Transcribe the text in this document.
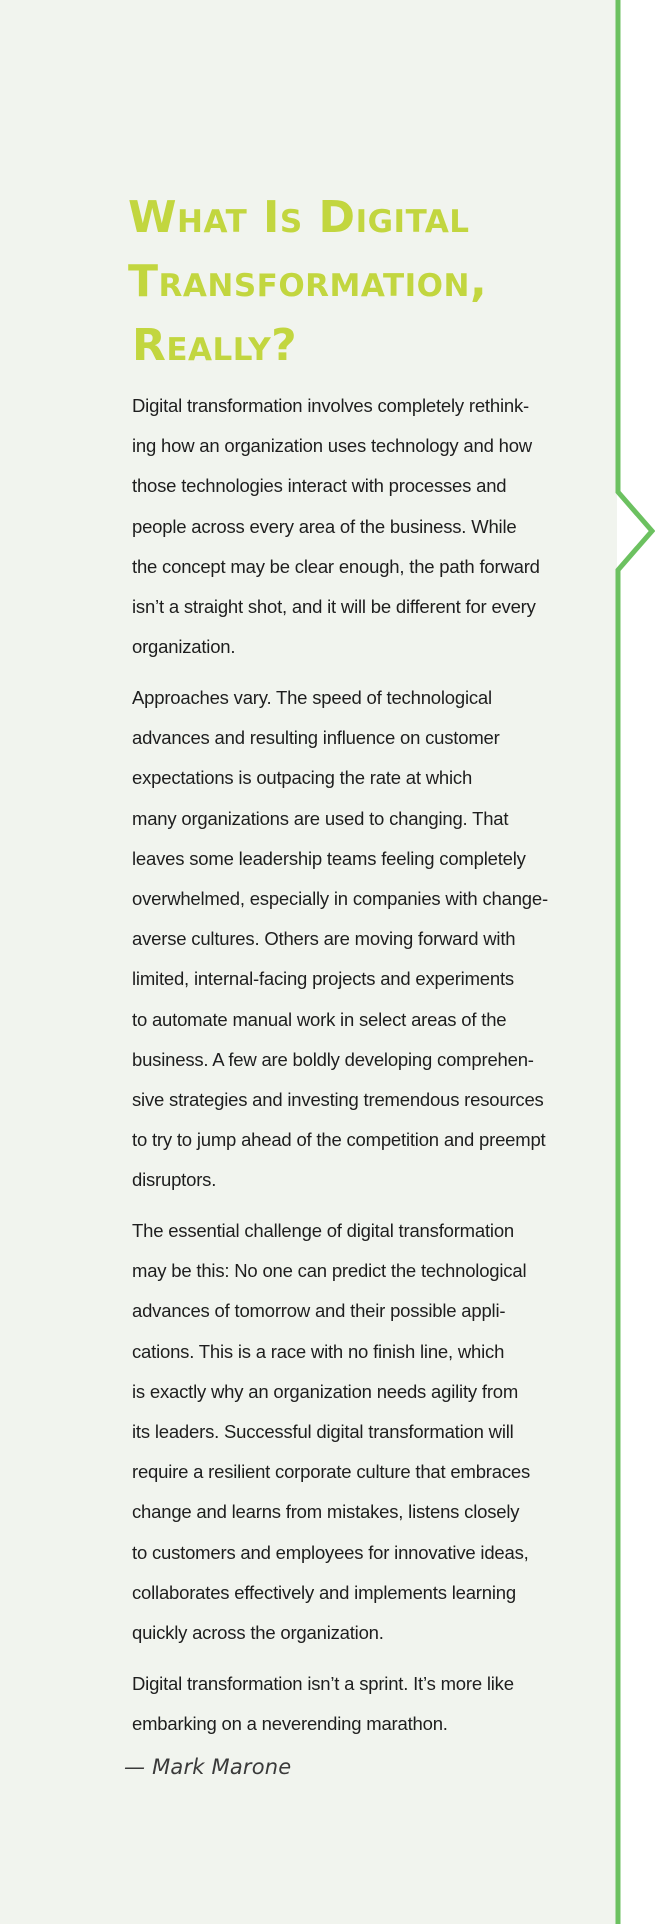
What Is Digital
Transformation,
Really?

Digital transformation involves completely rethink-
ing how an organization uses technology and how
those technologies interact with processes and
people across every area of the business. While
the concept may be clear enough, the path forward
isn’t a straight shot, and it will be different for every
organization.

Approaches vary. The speed of technological
advances and resulting influence on customer
expectations is outpacing the rate at which
many organizations are used to changing. That
leaves some leadership teams feeling completely
overwhelmed, especially in companies with change-
averse cultures. Others are moving forward with
limited, internal-facing projects and experiments
to automate manual work in select areas of the
business. A few are boldly developing comprehen-
sive strategies and investing tremendous resources
to try to jump ahead of the competition and preempt
disruptors.

The essential challenge of digital transformation
may be this: No one can predict the technological
advances of tomorrow and their possible appli-
cations. This is a race with no finish line, which
is exactly why an organization needs agility from
its leaders. Successful digital transformation will
require a resilient corporate culture that embraces
change and learns from mistakes, listens closely
to customers and employees for innovative ideas,
collaborates effectively and implements learning
quickly across the organization.

Digital transformation isn’t a sprint. It’s more like
embarking on a neverending marathon.

— Mark Marone
